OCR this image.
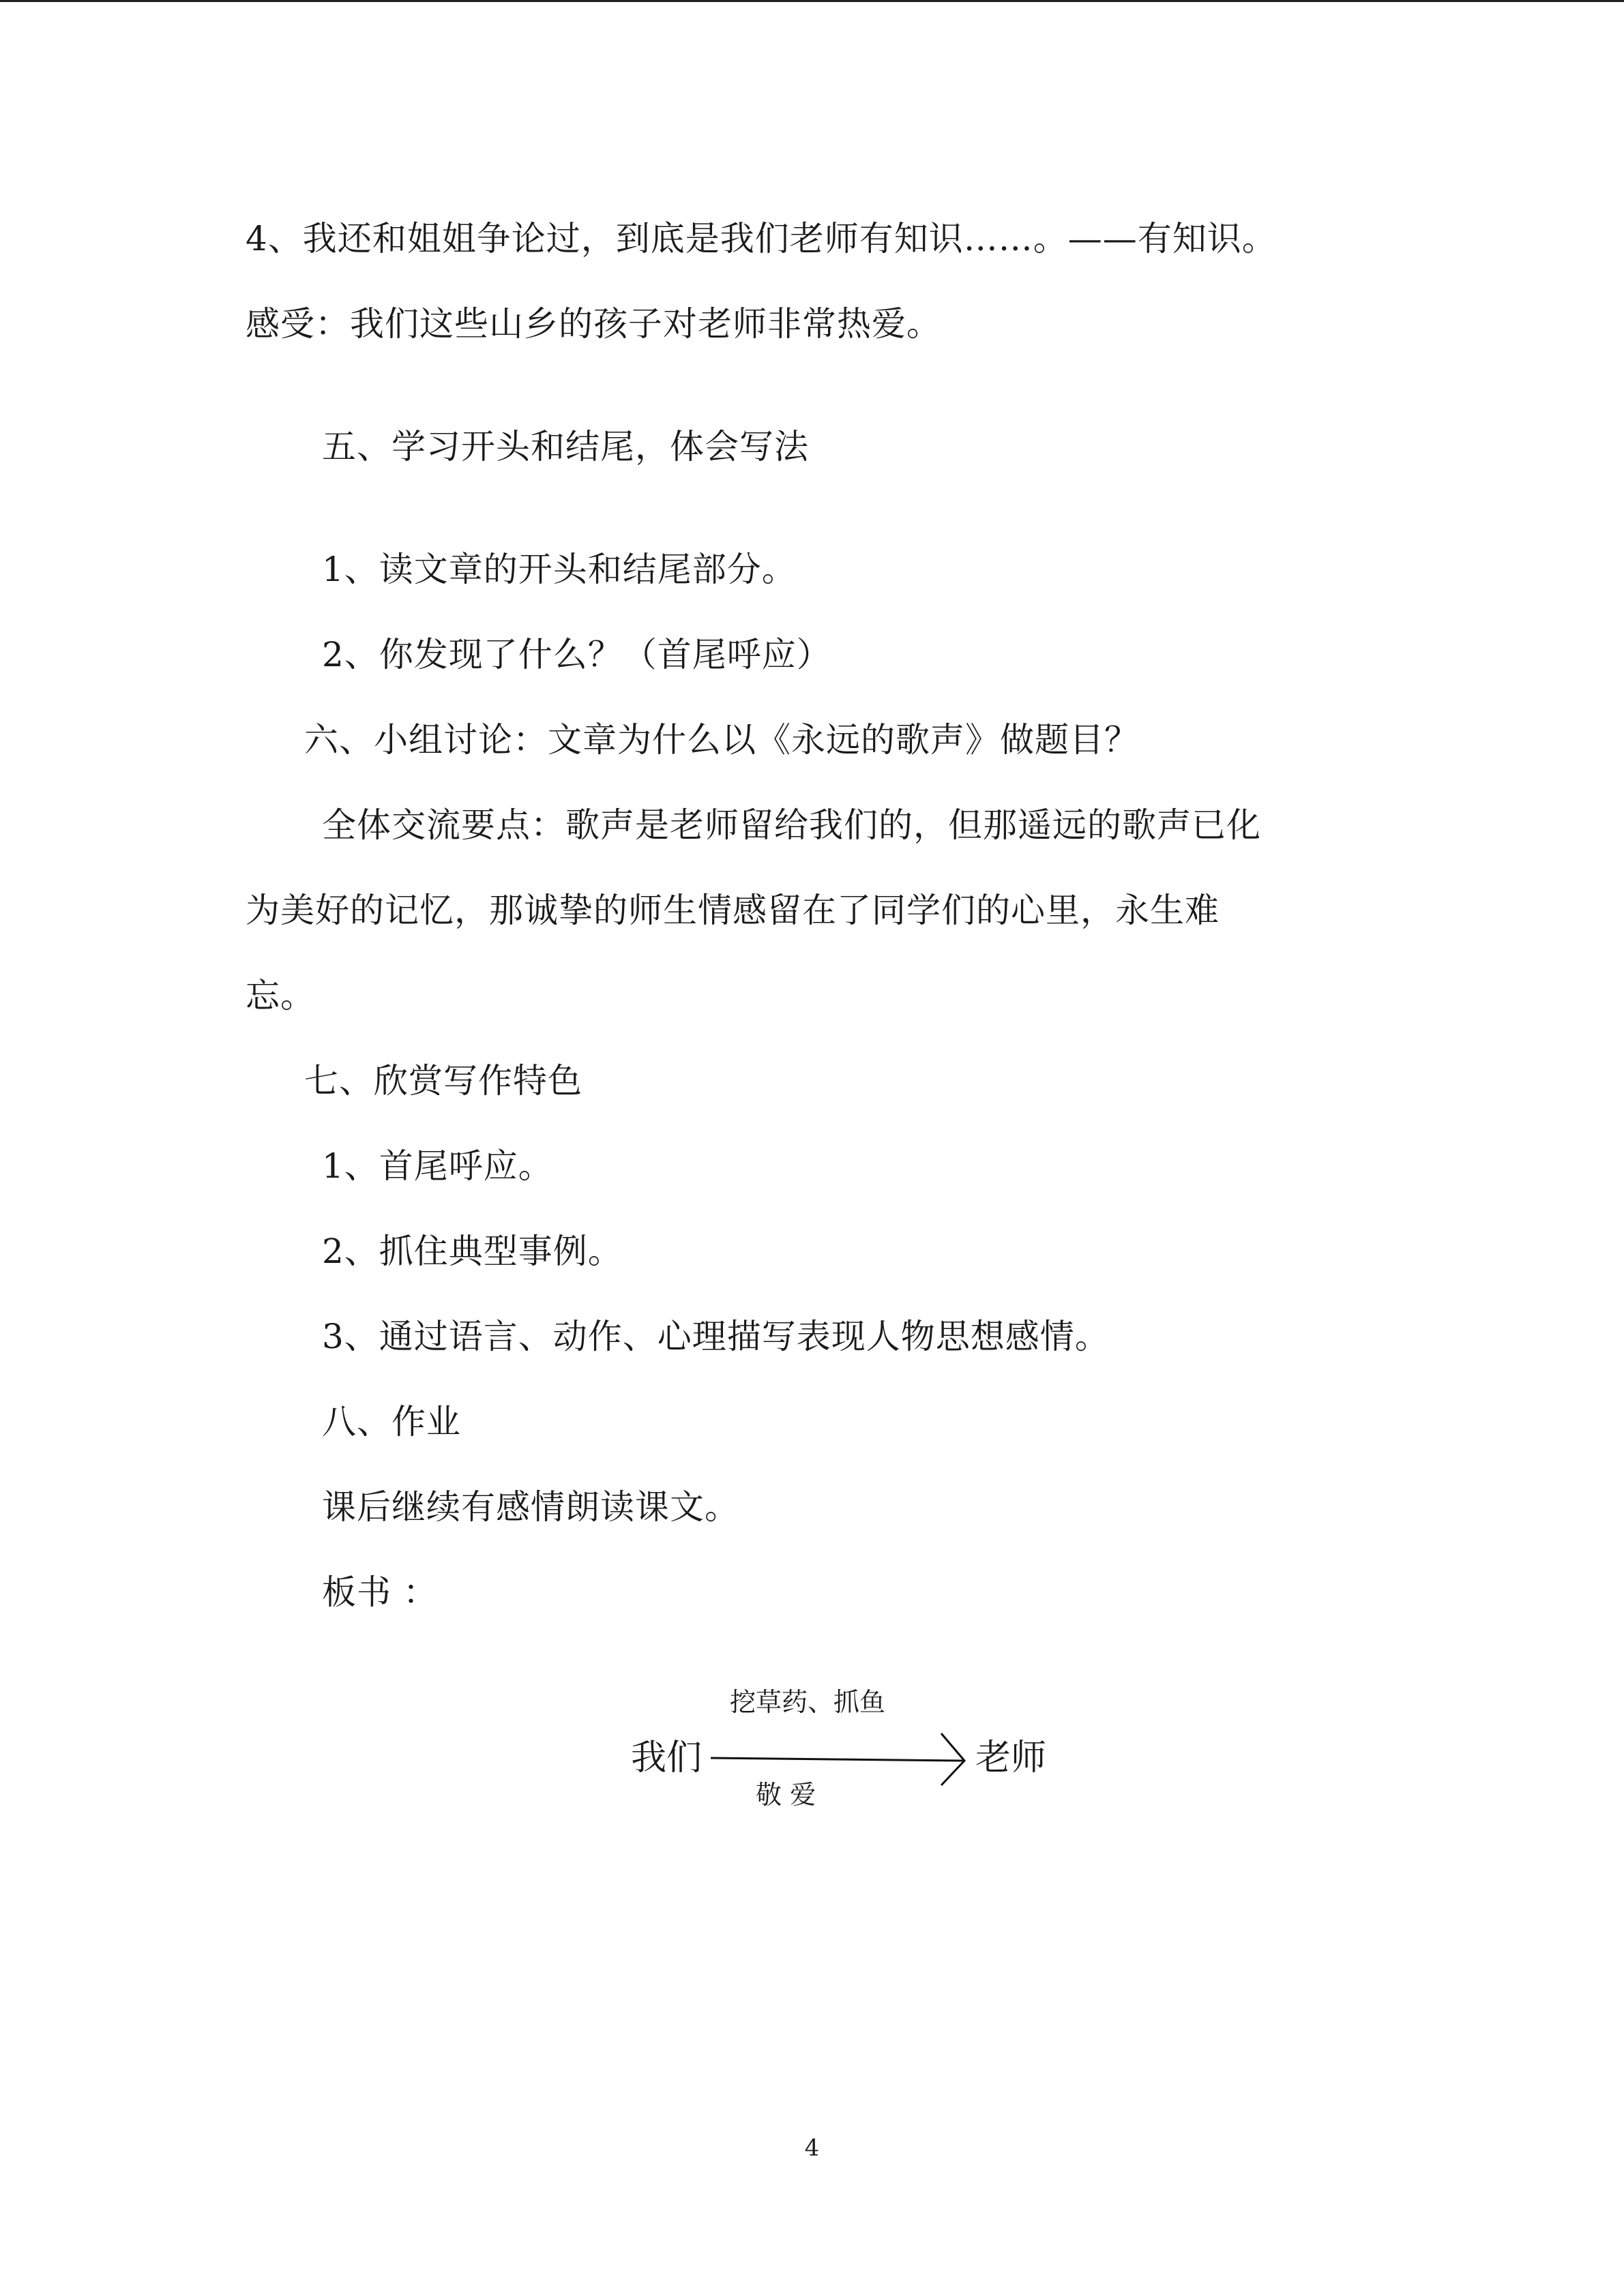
4、我还和姐姐争论过，到底是我们老师有知识……。——有知识。
感受：我们这些山乡的孩子对老师非常热爱。
五、学习开头和结尾，体会写法
1、读文章的开头和结尾部分。
2、你发现了什么？（首尾呼应）
六、小组讨论：文章为什么以《永远的歌声》做题目？
全体交流要点：歌声是老师留给我们的，但那遥远的歌声已化
为美好的记忆，那诚挚的师生情感留在了同学们的心里，永生难
忘。
七、欣赏写作特色
1、首尾呼应。
2、抓住典型事例。
3、通过语言、动作、心理描写表现人物思想感情。
八、作业
课后继续有感情朗读课文。
板书 ：
挖草药、抓鱼
我们	老师
敬 爱
4
